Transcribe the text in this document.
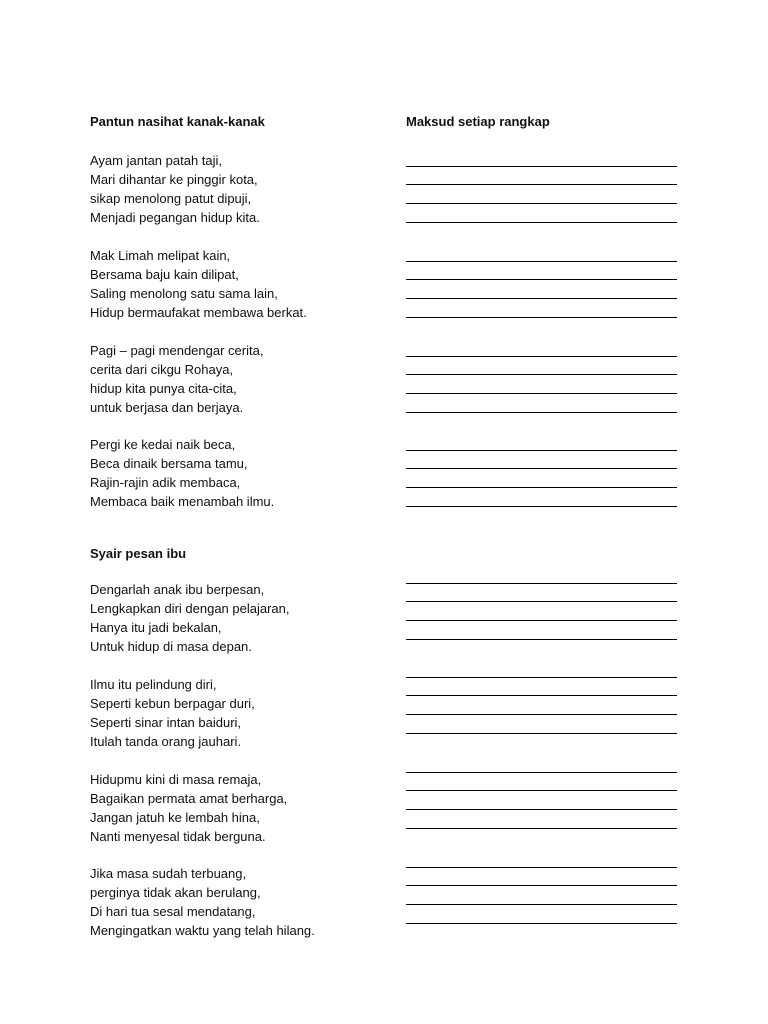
Pantun nasihat kanak-kanak
Ayam jantan patah taji,
Mari dihantar ke pinggir kota,
sikap menolong patut dipuji,
Menjadi pegangan hidup kita.
Mak Limah melipat kain,
Bersama baju kain dilipat,
Saling menolong satu sama lain,
Hidup bermaufakat membawa berkat.
Pagi – pagi mendengar cerita,
cerita dari cikgu Rohaya,
hidup kita punya cita-cita,
untuk berjasa dan berjaya.
Pergi ke kedai naik beca,
Beca dinaik bersama tamu,
Rajin-rajin adik membaca,
Membaca baik menambah ilmu.
Syair pesan ibu
Dengarlah anak ibu berpesan,
Lengkapkan diri dengan pelajaran,
Hanya itu jadi bekalan,
Untuk hidup di masa depan.
Ilmu itu pelindung diri,
Seperti kebun berpagar duri,
Seperti sinar intan baiduri,
Itulah tanda orang jauhari.
Hidupmu kini di masa remaja,
Bagaikan permata amat berharga,
Jangan jatuh ke lembah hina,
Nanti menyesal tidak berguna.
Jika masa sudah terbuang,
perginya tidak akan berulang,
Di hari tua sesal mendatang,
Mengingatkan waktu yang telah hilang.
Maksud setiap rangkap
